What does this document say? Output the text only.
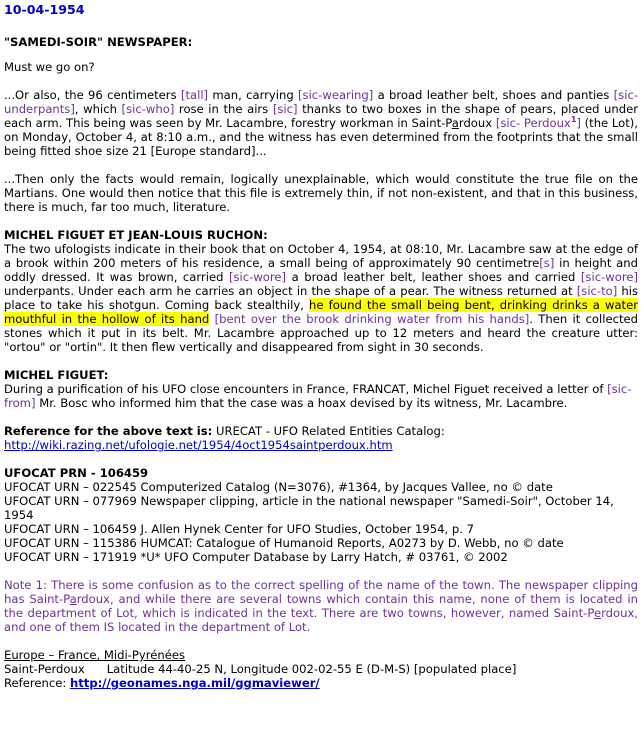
10-04-1954
"SAMEDI-SOIR" NEWSPAPER:

Must we go on?

...Or also, the 96 centimeters [tall] man, carrying [sic-wearing] a broad leather belt, shoes and panties [sic-underpants], which [sic-who] rose in the airs [sic] thanks to two boxes in the shape of pears, placed under each arm. This being was seen by Mr. Lacambre, forestry workman in Saint-Pardoux [sic- Perdoux$^1$] (the Lot), on Monday, October 4, at 8:10 a.m., and the witness has even determined from the footprints that the small being fitted shoe size 21 [Europe standard]...

...Then only the facts would remain, logically unexplainable, which would constitute the true file on the Martians. One would then notice that this file is extremely thin, if not non-existent, and that in this business, there is much, far too much, literature.

MICHEL FIGUET ET JEAN-LOUIS RUCHON:
The two ufologists indicate in their book that on October 4, 1954, at 08:10, Mr. Lacambre saw at the edge of a brook within 200 meters of his residence, a small being of approximately 90 centimetre[s] in height and oddly dressed. It was brown, carried [sic-wore] a broad leather belt, leather shoes and carried [sic-wore] underpants. Under each arm he carries an object in the shape of a pear. The witness returned at [sic-to] his place to take his shotgun. Coming back stealthily, he found the small being bent, drinking drinks a water mouthful in the hollow of its hand [bent over the brook drinking water from his hands]. Then it collected stones which it put in its belt. Mr. Lacambre approached up to 12 meters and heard the creature utter: "ortou" or "ortin". It then flew vertically and disappeared from sight in 30 seconds.
MICHEL FIGUET:
During a purification of his UFO close encounters in France, FRANCAT, Michel Figuet received a letter of [sic-from] Mr. Bosc who informed him that the case was a hoax devised by its witness, Mr. Lacambre.
Reference for the above text is: URECAT - UFO Related Entities Catalog:
http://wiki.razing.net/ufologie.net/1954/4oct1954saintperdoux.htm
UFOCAT PRN - 106459
UFOCAT URN – 022545 Computerized Catalog (N=3076), #1364, by Jacques Vallee, no © date
UFOCAT URN – 077969 Newspaper clipping, article in the national newspaper "Samedi-Soir", October 14, 1954
UFOCAT URN – 106459 J. Allen Hynek Center for UFO Studies, October 1954, p. 7
UFOCAT URN – 115386 HUMCAT: Catalogue of Humanoid Reports, A0273 by D. Webb, no © date
UFOCAT URN – 171919 *U* UFO Computer Database by Larry Hatch, # 03761, © 2002

Note 1: There is some confusion as to the correct spelling of the name of the town. The newspaper clipping has Saint-Pardoux, and while there are several towns which contain this name, none of them is located in the department of Lot, which is indicated in the text. There are two towns, however, named Saint-Perdoux, and one of them IS located in the department of Lot.

Europe – France, Midi-Pyrénées
Saint-Perdoux Latitude 44-40-25 N, Longitude 002-02-55 E (D-M-S) [populated place]
Reference: http://geonames.nga.mil/ggmaviewer/
